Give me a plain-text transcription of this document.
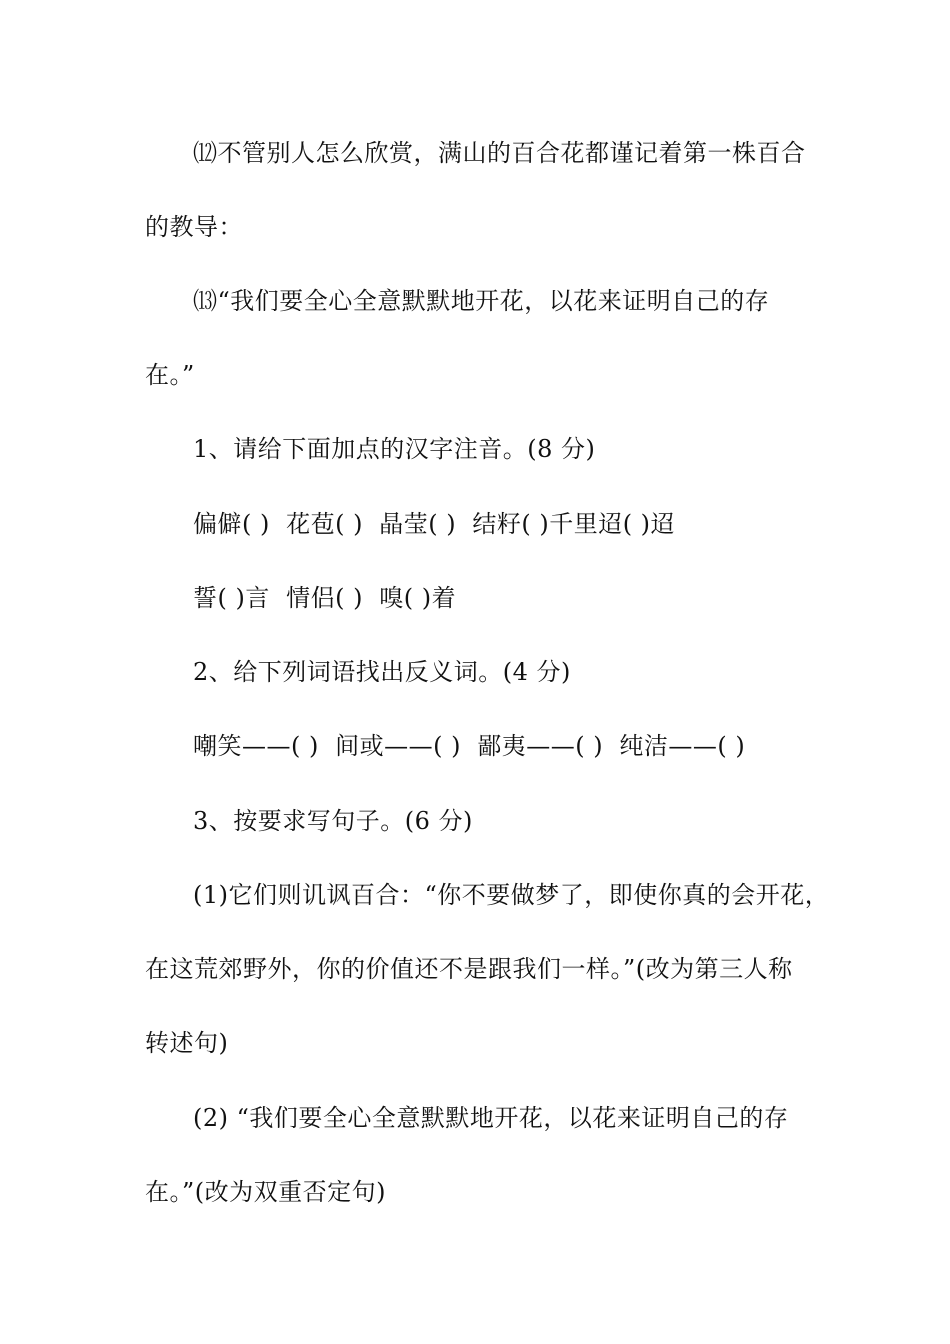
⑿不管别人怎么欣赏，满山的百合花都谨记着第一株百合
的教导：
⒀“我们要全心全意默默地开花，以花来证明自己的存
在。”
1、请给下面加点的汉字注音。(8 分)
偏僻( )  花苞( )  晶莹( )  结籽( )千里迢( )迢
誓( )言  情侣( )  嗅( )着
2、给下列词语找出反义词。(4 分)
嘲笑——( )  间或——( )  鄙夷——( )  纯洁——( )
3、按要求写句子。(6 分)
(1)它们则讥讽百合：“你不要做梦了，即使你真的会开花，
在这荒郊野外，你的价值还不是跟我们一样。”(改为第三人称
转述句)
(2) “我们要全心全意默默地开花，以花来证明自己的存
在。”(改为双重否定句)
